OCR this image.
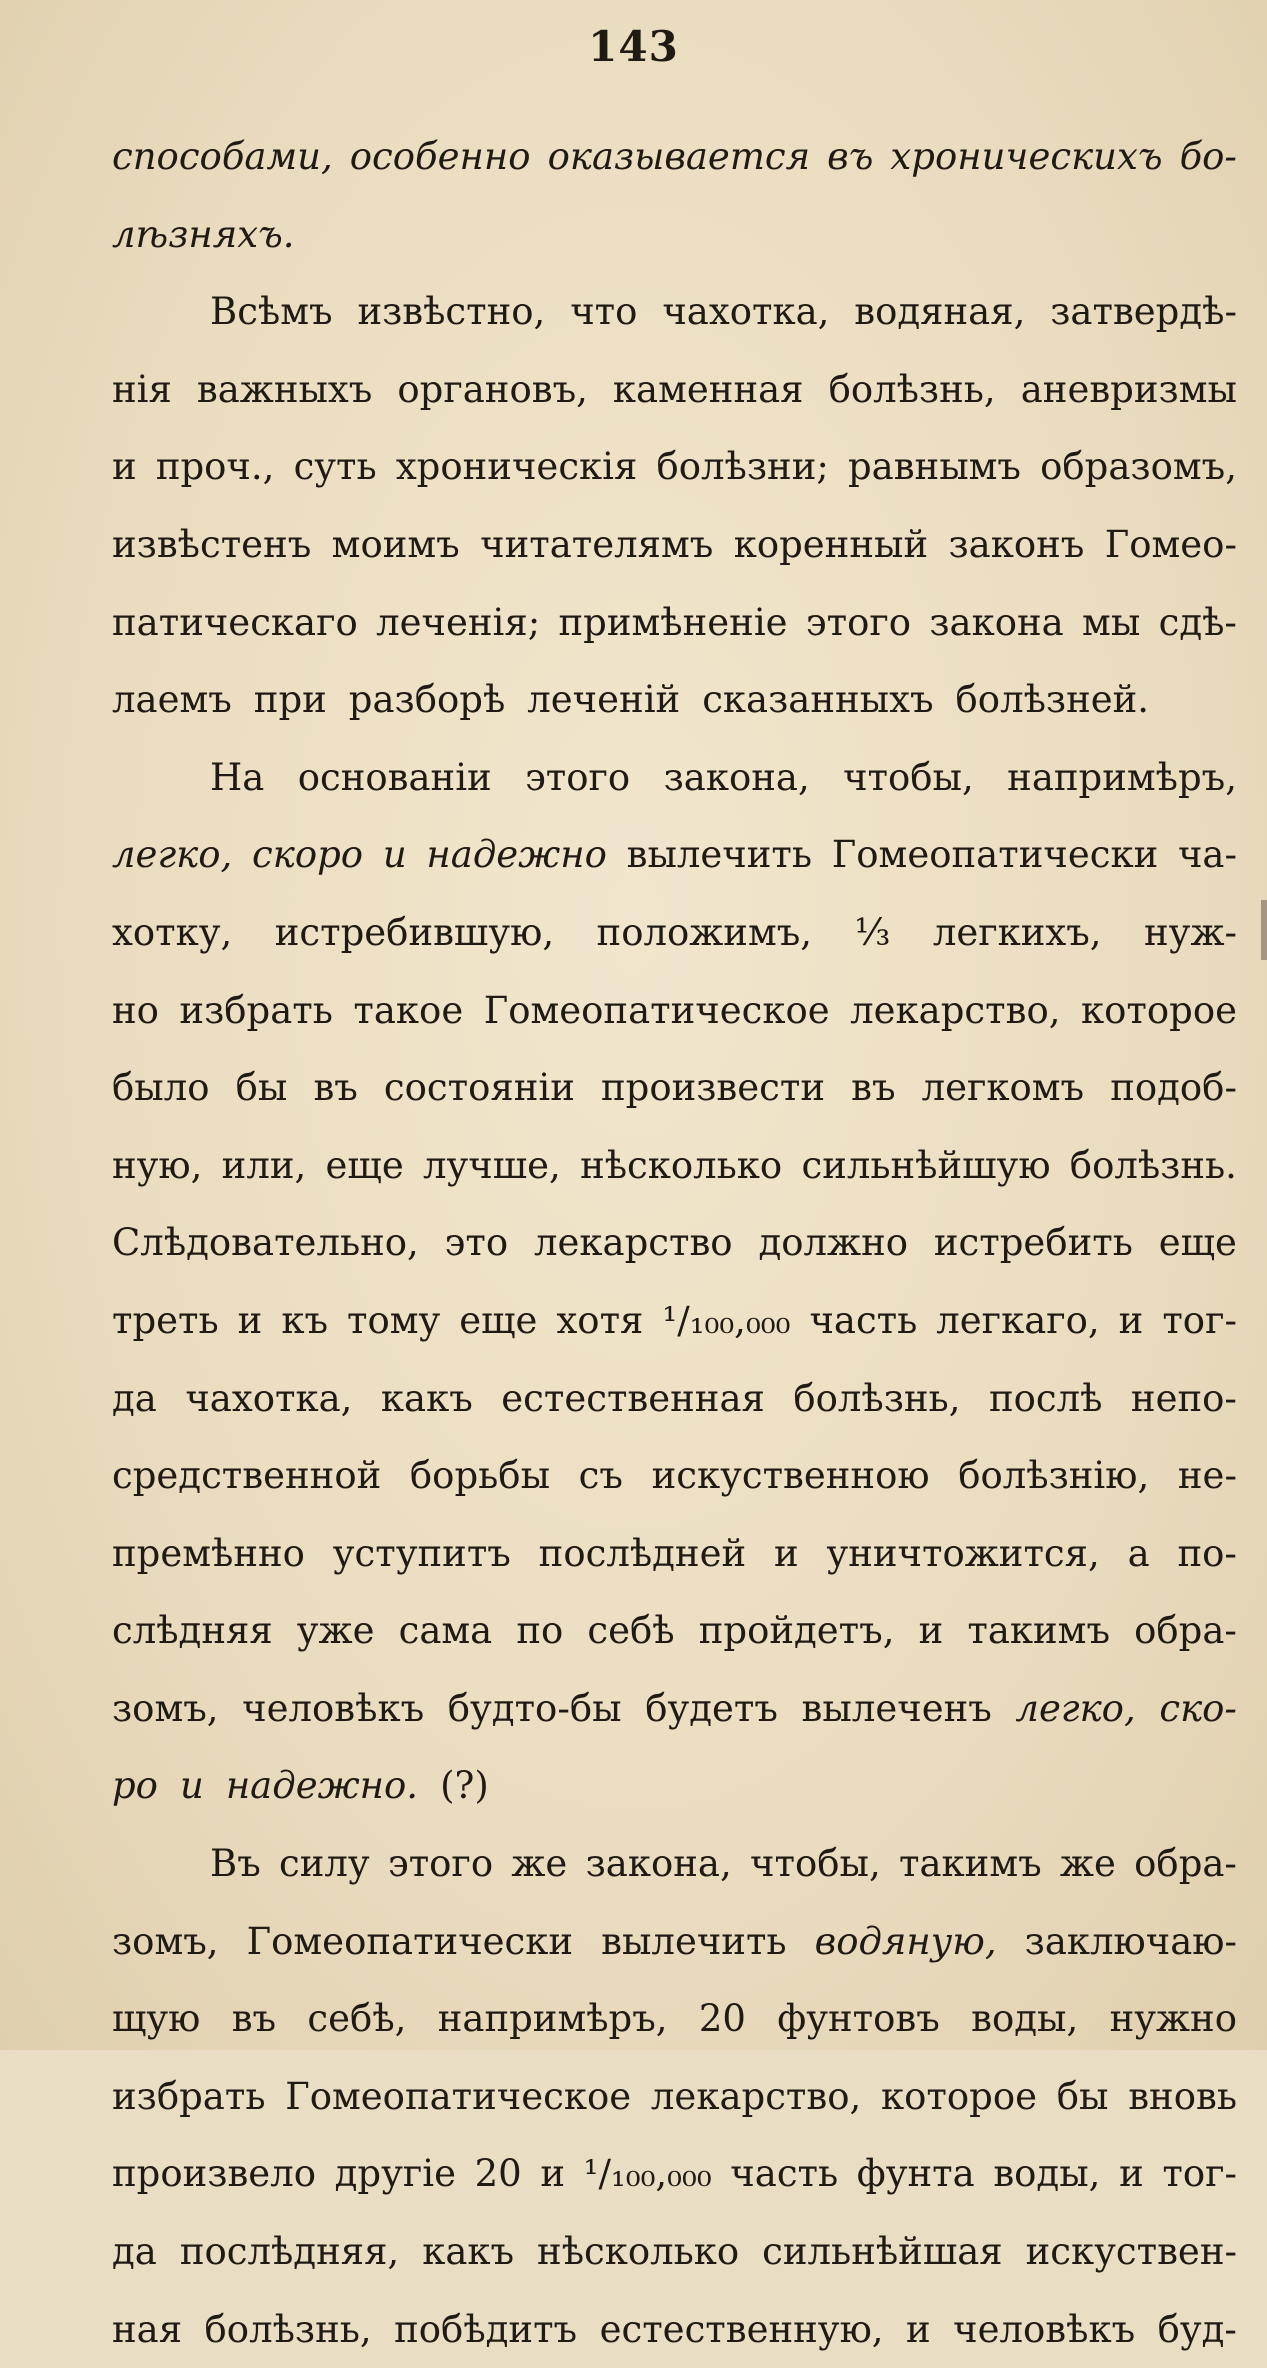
143
способами, особенно оказывается въ хроническихъ бо-
лѣзняхъ.
Всѣмъ извѣстно, что чахотка, водяная, затвердѣ-
нія важныхъ органовъ, каменная болѣзнь, аневризмы
и проч., суть хроническія болѣзни; равнымъ образомъ,
извѣстенъ моимъ читателямъ коренный законъ Гомео-
патическаго леченія; примѣненіе этого закона мы сдѣ-
лаемъ при разборѣ леченій сказанныхъ болѣзней.
На основаніи этого закона, чтобы, напримѣръ,
легко, скоро и надежно вылечить Гомеопатически ча-
хотку, истребившую, положимъ, ⅓ легкихъ, нуж-
но избрать такое Гомеопатическое лекарство, которое
было бы въ состояніи произвести въ легкомъ подоб-
ную, или, еще лучше, нѣсколько сильнѣйшую болѣзнь.
Слѣдовательно, это лекарство должно истребить еще
треть и къ тому еще хотя ¹/₁₀₀,₀₀₀ часть легкаго, и тог-
да чахотка, какъ естественная болѣзнь, послѣ непо-
средственной борьбы съ искуственною болѣзнію, не-
премѣнно уступитъ послѣдней и уничтожится, а по-
слѣдняя уже сама по себѣ пройдетъ, и такимъ обра-
зомъ, человѣкъ будто-бы будетъ вылеченъ легко, ско-
ро и надежно. (?)
Въ силу этого же закона, чтобы, такимъ же обра-
зомъ, Гомеопатически вылечить водяную, заключаю-
щую въ себѣ, напримѣръ, 20 фунтовъ воды, нужно
избрать Гомеопатическое лекарство, которое бы вновь
произвело другіе 20 и ¹/₁₀₀,₀₀₀ часть фунта воды, и тог-
да послѣдняя, какъ нѣсколько сильнѣйшая искуствен-
ная болѣзнь, побѣдитъ естественную, и человѣкъ буд-
